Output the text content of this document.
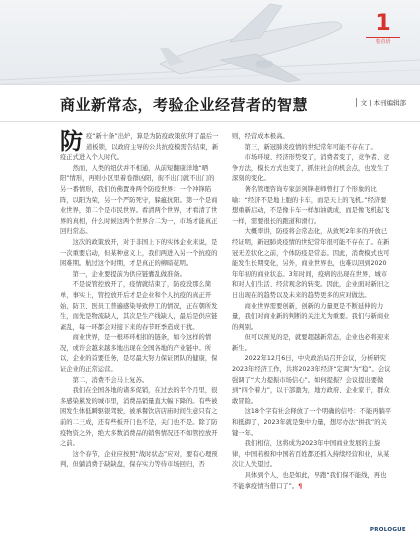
1
卷首语
商业新常态，考验企业经营者的智慧	文 | 本刊编辑部
防 疫“新十条”出炉，算是为防疫政策依拜了最后一道板锁，以政府主导的公共抗疫模需告结束，新疫正式进入个人时代。

然而，人类的纽伏并不相通，从前短翻康洋地“晒阳”情形，再则小区里着卷群凶阳，街不出门就不出门的另一番情形，我们仿佛置身两个防疫世界：一个冲锋陷阵，以阳为荣，另一个严防死守，躲瘟抗阳。第一个是商业世界，第二个是市民世界。看清两个世界，才看清了世界的真相，什么时候这两个世界合二为一，市场才能真正回归常态。

这次的政策放开，对于非国上下的实体企业来说，是一次重要启动，但某种意义上，我们两进入另一个抗疫的困难期。航过这个时期，才是真正的柳暗花明。

第一，企业要提前为供应链囊乱做准备。

不是说管控放开了，疫情就结束了，防疫没那么简单，事实上，管控放开后才是企业和个人抗疫的真正开始，防卫、医员工普遍感染导致停工的情况，正在朝所发生，而先是物流缺人，其次是生产线缺人，最后是供应链紊乱，每一环都会对接下来的春节旺季造成干扰。

商业世界，是一根环环相扣的链条，如今这样的情况，或许会越来越多地出现在全国各地的产业链中。所以，企业的首要任务，是尽最大努力保证团队的健康，保证企业的正常运营。

第二，消费不会马上复苏。

我们在全国各地的诸多促销，在过去的半个月里，很多感染累发的城市里，消费品销量直大幅下降的。有些被困发生体低瞬驱银驾驶，被承餐饮店店庙时间生意只有之前的二三成，还有些板开门也不是，关门也不是。除了防疫物资之外，绝大多数消费品的销售情况还不如管控放开之前。

这个春节，企业应按照“战时状态”应对，要有心理预判，但躺消费于缺缺盘，保存实力等待市场回归，否

则，经营成本极高。

第三，新冠肺炎疫情的世纪常年可能不存在了。

市场环境、经济形势变了，消费者变了，竞争者、竞争方法，模长方式也变了，抓住社会的机会点，也发生了深刻的变化。

著名管理咨询专家彭剑锋老师曾打了个形象的比喻：“经济不是地上胞的卡车，而是天上的飞机。”经济要想重新启动，不是像卡车一样加油就成，而是像飞机起飞一样，需要很长的跑道和滑行。

大概率讲，防疫将会常态化，从致死2年多的开放已经证明，新冠肺炎疫情的世纪常年很可能不存在了。在新冠无差状化之前，个体防疫是常态。因此，消费模式也可能发生长期变化，另外，商业世界也，也难以回到2020年年初的商业状态。3年时间，疫病的出现在世界、城市和对人们生活、经营观念的转变。因此，企业面对新旧之日出现在的趋势以及未来的趋势更多的应对做法。

商业世界需要创新，创新的力量更是不断延伸的力量，我们对商业新的判断的关注尤为重要。我们与新商业的判别。

但可以预见的是，就要超越新常态，企业也必将迎来新生。

2022年12月6日，中央政治局召开会议，分析研究2023年经济工作，共将2023年经济“定调”为“稳”。会议强调了“大力提振市场信心”。如何提振？会议提出要做到“四个着力”，以干部激为，地方政府、企业家干，群众敢冒险。

这18个字有社会释放了一个明确的信号：不能再躺平和抵御了，2023年就是集中力量，想尽办法“拼我”的关键一年。

我们相信，这将成为2023年中国商业发展的主旋律，中国若极和中国若百姓都还抓入持续经营和业，从某次让人失望过。

具体到个人，也是如此，早跑“我们保不能线，再也不能拿疫情当借口了”。¶

PROLOGUE
